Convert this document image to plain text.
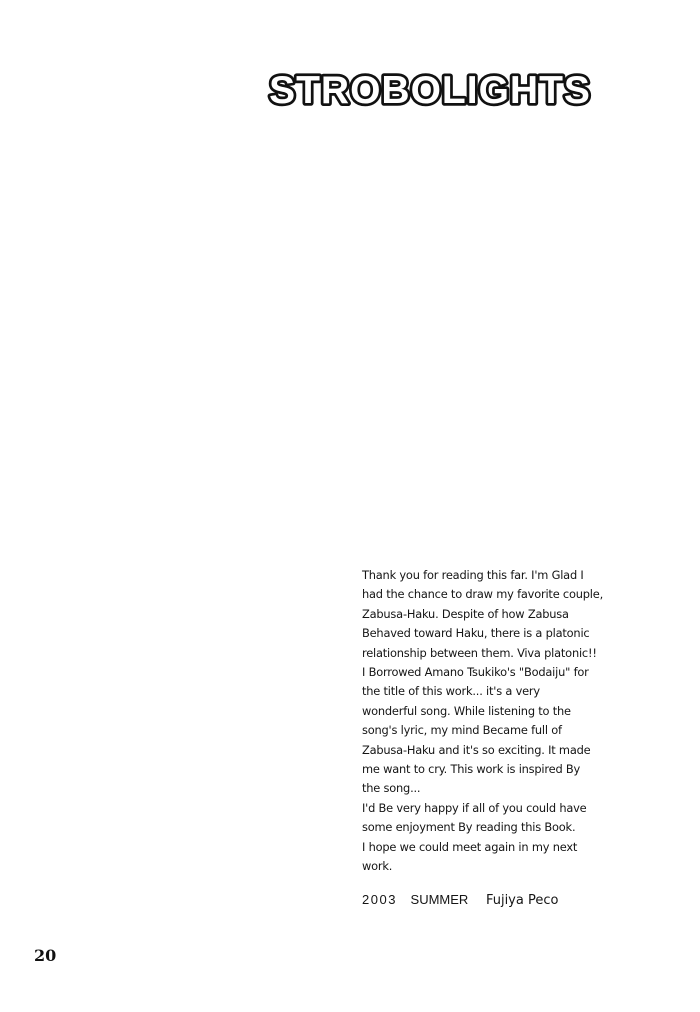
STROBOLIGHTS
Thank you for reading this far. I'm Glad I
had the chance to draw my favorite couple,
Zabusa-Haku. Despite of how Zabusa
Behaved toward Haku, there is a platonic
relationship between them. Viva platonic!!
I Borrowed Amano Tsukiko's "Bodaiju" for
the title of this work... it's a very
wonderful song. While listening to the
song's lyric, my mind Became full of
Zabusa-Haku and it's so exciting. It made
me want to cry. This work is inspired By
the song...
I'd Be very happy if all of you could have
some enjoyment By reading this Book.
I hope we could meet again in my next
work.
2003 SUMMER Fujiya Peco
20
